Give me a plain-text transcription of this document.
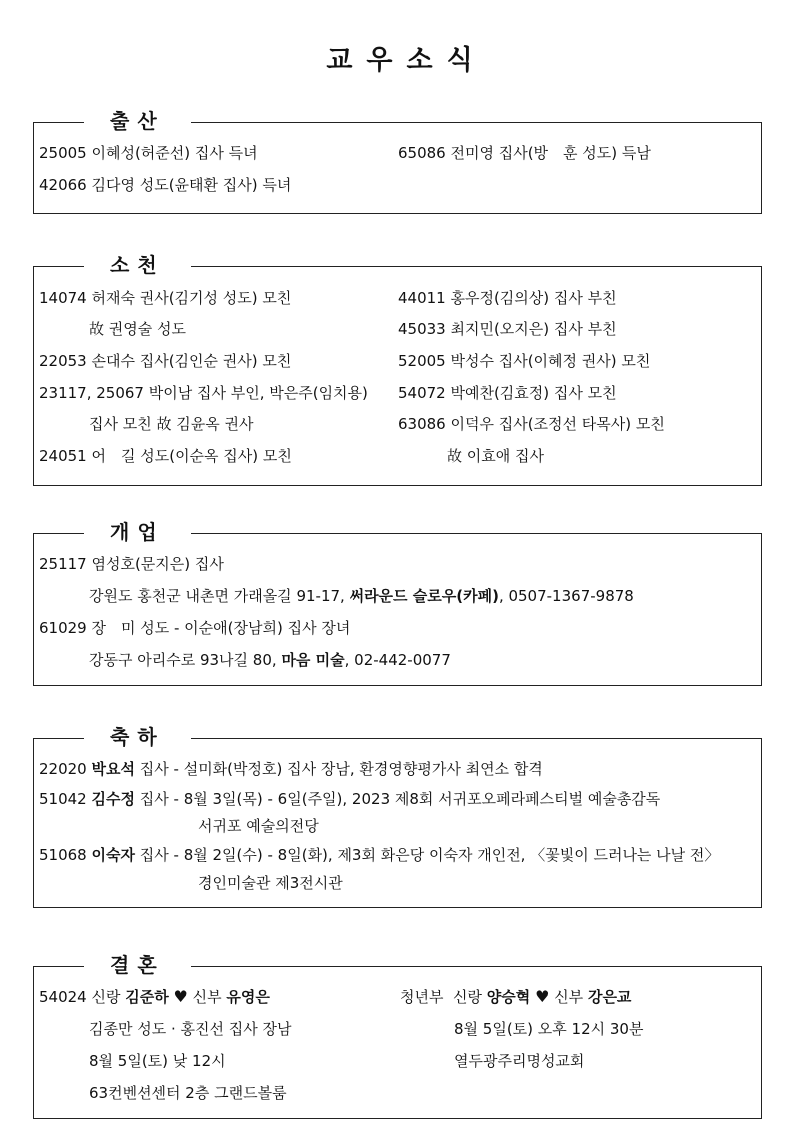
교우소식
출산
25005 이혜성(허준선) 집사 득녀
42066 김다영 성도(윤태환 집사) 득녀
65086 전미영 집사(방　훈 성도) 득남
소천
14074 허재숙 권사(김기성 성도) 모친
故 권영술 성도
22053 손대수 집사(김인순 권사) 모친
23117, 25067 박이남 집사 부인, 박은주(임치용)
집사 모친 故 김윤옥 권사
24051 어　길 성도(이순옥 집사) 모친
44011 홍우정(김의상) 집사 부친
45033 최지민(오지은) 집사 부친
52005 박성수 집사(이혜정 권사) 모친
54072 박예찬(김효정) 집사 모친
63086 이덕우 집사(조정선 타목사) 모친
故 이효애 집사
개업
25117 염성호(문지은) 집사
강원도 홍천군 내촌면 가래올길 91-17, 써라운드 슬로우(카페), 0507-1367-9878
61029 장　미 성도 - 이순애(장남희) 집사 장녀
강동구 아리수로 93나길 80, 마음 미술, 02-442-0077
축하
22020 박요석 집사 - 설미화(박정호) 집사 장남, 환경영향평가사 최연소 합격
51042 김수정 집사 - 8월 3일(목) - 6일(주일), 2023 제8회 서귀포오페라페스티벌 예술총감독
서귀포 예술의전당
51068 이숙자 집사 - 8월 2일(수) - 8일(화), 제3회 화은당 이숙자 개인전, 〈꽃빛이 드러나는 나날 전〉
경인미술관 제3전시관
결혼
54024 신랑 김준하 ♥ 신부 유영은
김종만 성도 · 홍진선 집사 장남
8월 5일(토) 낮 12시
63컨벤션센터 2층 그랜드볼룸
청년부 신랑 양승혁 ♥ 신부 강은교
8월 5일(토) 오후 12시 30분
열두광주리명성교회
